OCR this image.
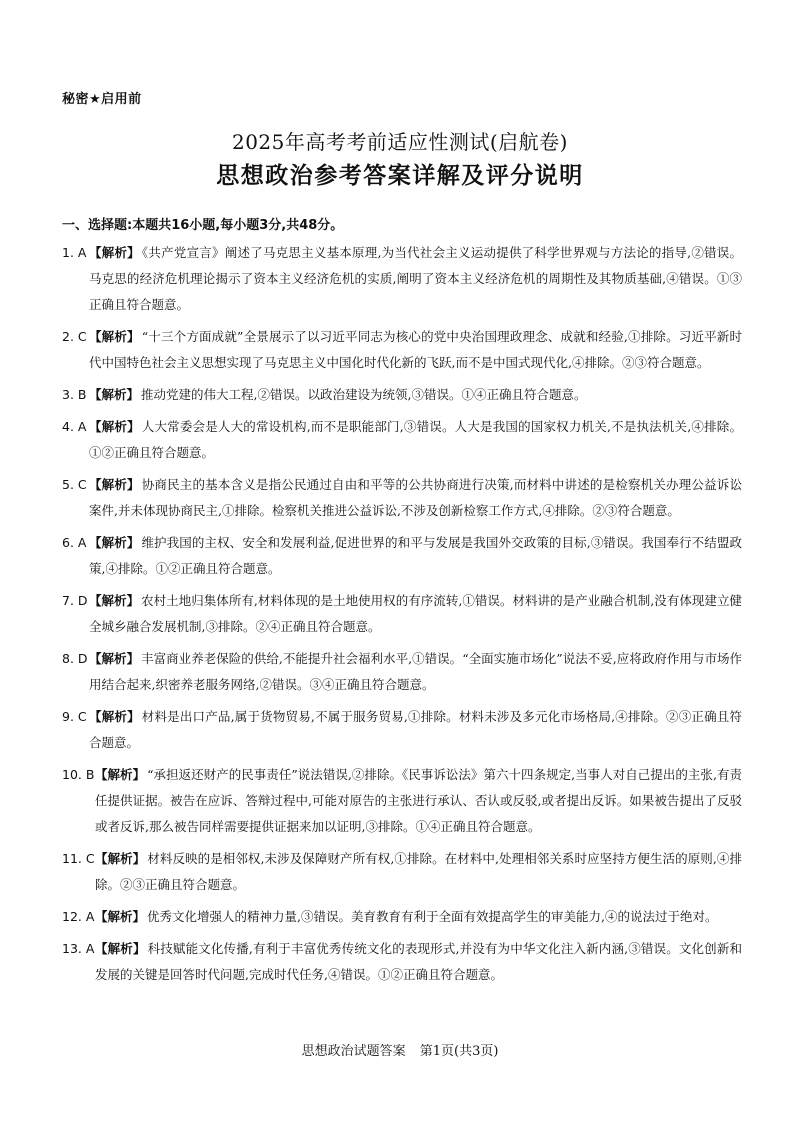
秘密★启用前
2025年高考考前适应性测试(启航卷)
思想政治参考答案详解及评分说明
一、选择题:本题共16小题,每小题3分,共48分。
1. A 【解析】 《共产党宣言》阐述了马克思主义基本原理,为当代社会主义运动提供了科学世界观与方法论的指导,②错误。马克思的经济危机理论揭示了资本主义经济危机的实质,阐明了资本主义经济危机的周期性及其物质基础,④错误。①③正确且符合题意。
2. C 【解析】 “十三个方面成就”全景展示了以习近平同志为核心的党中央治国理政理念、成就和经验,①排除。习近平新时代中国特色社会主义思想实现了马克思主义中国化时代化新的飞跃,而不是中国式现代化,④排除。②③符合题意。
3. B 【解析】 推动党建的伟大工程,②错误。以政治建设为统领,③错误。①④正确且符合题意。
4. A 【解析】 人大常委会是人大的常设机构,而不是职能部门,③错误。人大是我国的国家权力机关,不是执法机关,④排除。①②正确且符合题意。
5. C 【解析】 协商民主的基本含义是指公民通过自由和平等的公共协商进行决策,而材料中讲述的是检察机关办理公益诉讼案件,并未体现协商民主,①排除。检察机关推进公益诉讼,不涉及创新检察工作方式,④排除。②③符合题意。
6. A 【解析】 维护我国的主权、安全和发展利益,促进世界的和平与发展是我国外交政策的目标,③错误。我国奉行不结盟政策,④排除。①②正确且符合题意。
7. D 【解析】 农村土地归集体所有,材料体现的是土地使用权的有序流转,①错误。材料讲的是产业融合机制,没有体现建立健全城乡融合发展机制,③排除。②④正确且符合题意。
8. D 【解析】 丰富商业养老保险的供给,不能提升社会福利水平,①错误。“全面实施市场化”说法不妥,应将政府作用与市场作用结合起来,织密养老服务网络,②错误。③④正确且符合题意。
9. C 【解析】 材料是出口产品,属于货物贸易,不属于服务贸易,①排除。材料未涉及多元化市场格局,④排除。②③正确且符合题意。
10. B 【解析】 “承担返还财产的民事责任”说法错误,②排除。《民事诉讼法》第六十四条规定,当事人对自己提出的主张,有责任提供证据。被告在应诉、答辩过程中,可能对原告的主张进行承认、否认或反驳,或者提出反诉。如果被告提出了反驳或者反诉,那么被告同样需要提供证据来加以证明,③排除。①④正确且符合题意。
11. C 【解析】 材料反映的是相邻权,未涉及保障财产所有权,①排除。在材料中,处理相邻关系时应坚持方便生活的原则,④排除。②③正确且符合题意。
12. A 【解析】 优秀文化增强人的精神力量,③错误。美育教育有利于全面有效提高学生的审美能力,④的说法过于绝对。
13. A 【解析】 科技赋能文化传播,有利于丰富优秀传统文化的表现形式,并没有为中华文化注入新内涵,③错误。文化创新和发展的关键是回答时代问题,完成时代任务,④错误。①②正确且符合题意。
思想政治试题答案 第1页(共3页)
